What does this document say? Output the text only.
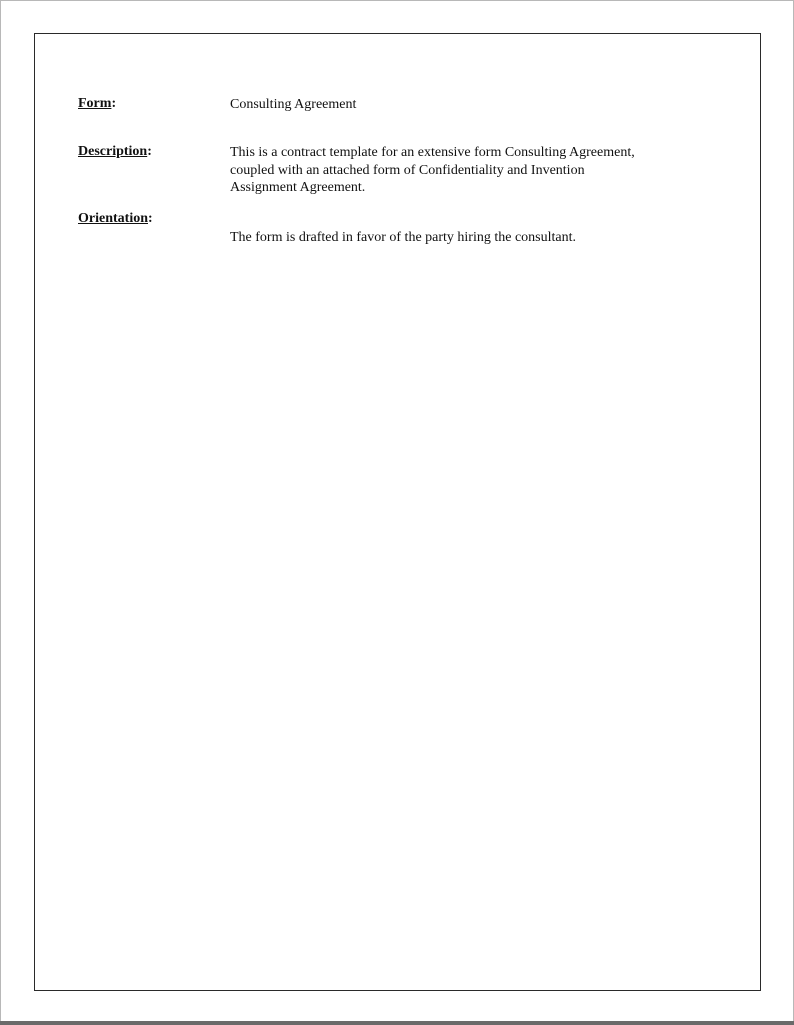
Form:	Consulting Agreement
Description:	This is a contract template for an extensive form Consulting Agreement,
coupled with an attached form of Confidentiality and Invention
Assignment Agreement.
Orientation:
The form is drafted in favor of the party hiring the consultant.
